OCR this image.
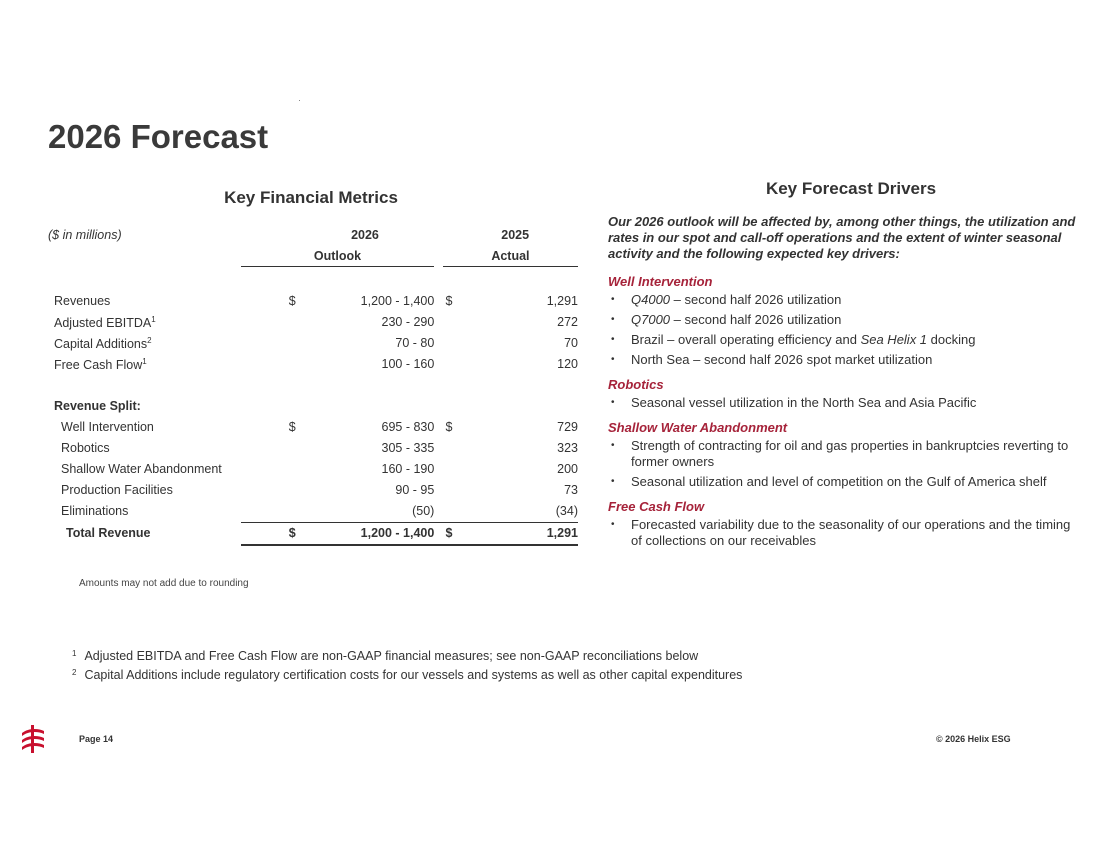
2026 Forecast
Key Financial Metrics	Key Forecast Drivers
($ in millions)		2026			2025
	Outlook			Actual	

Revenues	$	1,200 - 1,400		$	1,291
Adjusted EBITDA$^1$		230 - 290			272
Capital Additions$^2$		70 - 80			70
Free Cash Flow$^1$		100 - 160			120

Revenue Split:					
Well Intervention	$	695 - 830		$	729
Robotics		305 - 335			323
Shallow Water Abandonment		160 - 190			200
Production Facilities		90 - 95			73
Eliminations		(50)			(34)
Total Revenue	$	1,200 - 1,400		$	1,291
Amounts may not add due to rounding

Our 2026 outlook will be affected by, among other things, the utilization and rates in our spot and call-off operations and the extent of winter seasonal activity and the following expected key drivers:

Well Intervention

• Q4000 – second half 2026 utilization
• Q7000 – second half 2026 utilization
• Brazil – overall operating efficiency and Sea Helix 1 docking
• North Sea – second half 2026 spot market utilization

Robotics

• Seasonal vessel utilization in the North Sea and Asia Pacific

Shallow Water Abandonment

• Strength of contracting for oil and gas properties in bankruptcies reverting to former owners
• Seasonal utilization and level of competition on the Gulf of America shelf

Free Cash Flow

• Forecasted variability due to the seasonality of our operations and the timing of collections on our receivables

$^1$ Adjusted EBITDA and Free Cash Flow are non-GAAP financial measures; see non-GAAP reconciliations below

$^2$ Capital Additions include regulatory certification costs for our vessels and systems as well as other capital expenditures

Page 14	© 2026 Helix ESG
